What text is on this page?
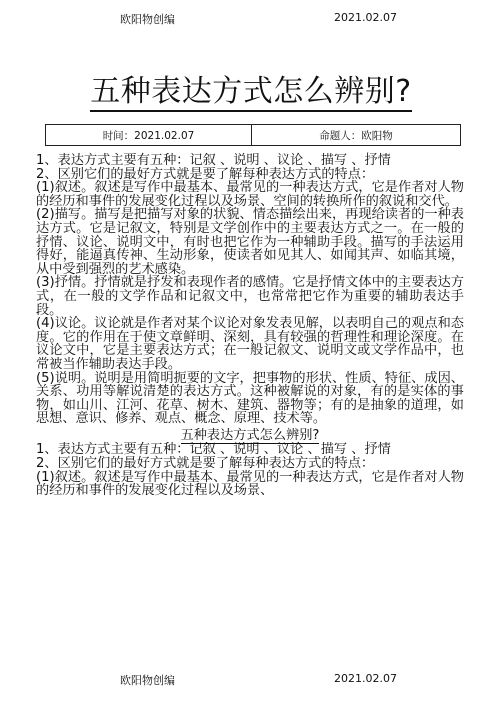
欧阳物创编	2021.02.07
五种表达方式怎么辨别?
时间：2021.02.07	命题人：欧阳物

1、表达方式主要有五种：记叙 、说明 、议论 、描写 、抒情

2、区别它们的最好方式就是要了解每种表达方式的特点：

(1)叙述。叙述是写作中最基本、最常见的一种表达方式，它是作者对人物的经历和事件的发展变化过程以及场景、空间的转换所作的叙说和交代。

(2)描写。描写是把描写对象的状貌、情态描绘出来，再现给读者的一种表达方式。它是记叙文，特别是文学创作中的主要表达方式之一。在一般的抒情、议论、说明文中，有时也把它作为一种辅助手段。描写的手法运用得好，能逼真传神、生动形象，使读者如见其人、如闻其声、如临其境，从中受到强烈的艺术感染。

(3)抒情。抒情就是抒发和表现作者的感情。它是抒情文体中的主要表达方式，在一般的文学作品和记叙文中，也常常把它作为重要的辅助表达手段。

(4)议论。议论就是作者对某个议论对象发表见解，以表明自己的观点和态度。它的作用在于使文章鲜明、深刻，具有较强的哲理性和理论深度。在议论文中，它是主要表达方式；在一般记叙文、说明文或文学作品中，也常被当作辅助表达手段。

(5)说明。说明是用简明扼要的文字，把事物的形状、性质、特征、成因、关系、功用等解说清楚的表达方式。这种被解说的对象，有的是实体的事物，如山川、江河、花草、树木、建筑、器物等；有的是抽象的道理，如思想、意识、修养、观点、概念、原理、技术等。

五种表达方式怎么辨别?

1、表达方式主要有五种：记叙 、说明 、议论 、描写 、抒情

2、区别它们的最好方式就是要了解每种表达方式的特点：

(1)叙述。叙述是写作中最基本、最常见的一种表达方式，它是作者对人物的经历和事件的发展变化过程以及场景、

欧阳物创编	2021.02.07
